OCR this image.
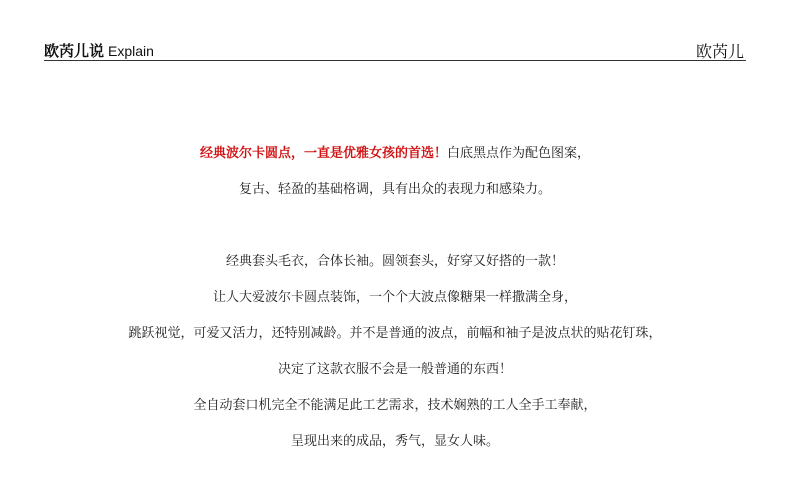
欧芮儿说 Explain	欧芮儿
经典波尔卡圆点，一直是优雅女孩的首选！白底黑点作为配色图案，
复古、轻盈的基础格调，具有出众的表现力和感染力。
经典套头毛衣，合体长袖。圆领套头，好穿又好搭的一款！
让人大爱波尔卡圆点装饰，一个个大波点像糖果一样撒满全身，
跳跃视觉，可爱又活力，还特别减龄。并不是普通的波点，前幅和袖子是波点状的贴花钉珠，
决定了这款衣服不会是一般普通的东西！
全自动套口机完全不能满足此工艺需求，技术娴熟的工人全手工奉献，
呈现出来的成品，秀气，显女人味。
